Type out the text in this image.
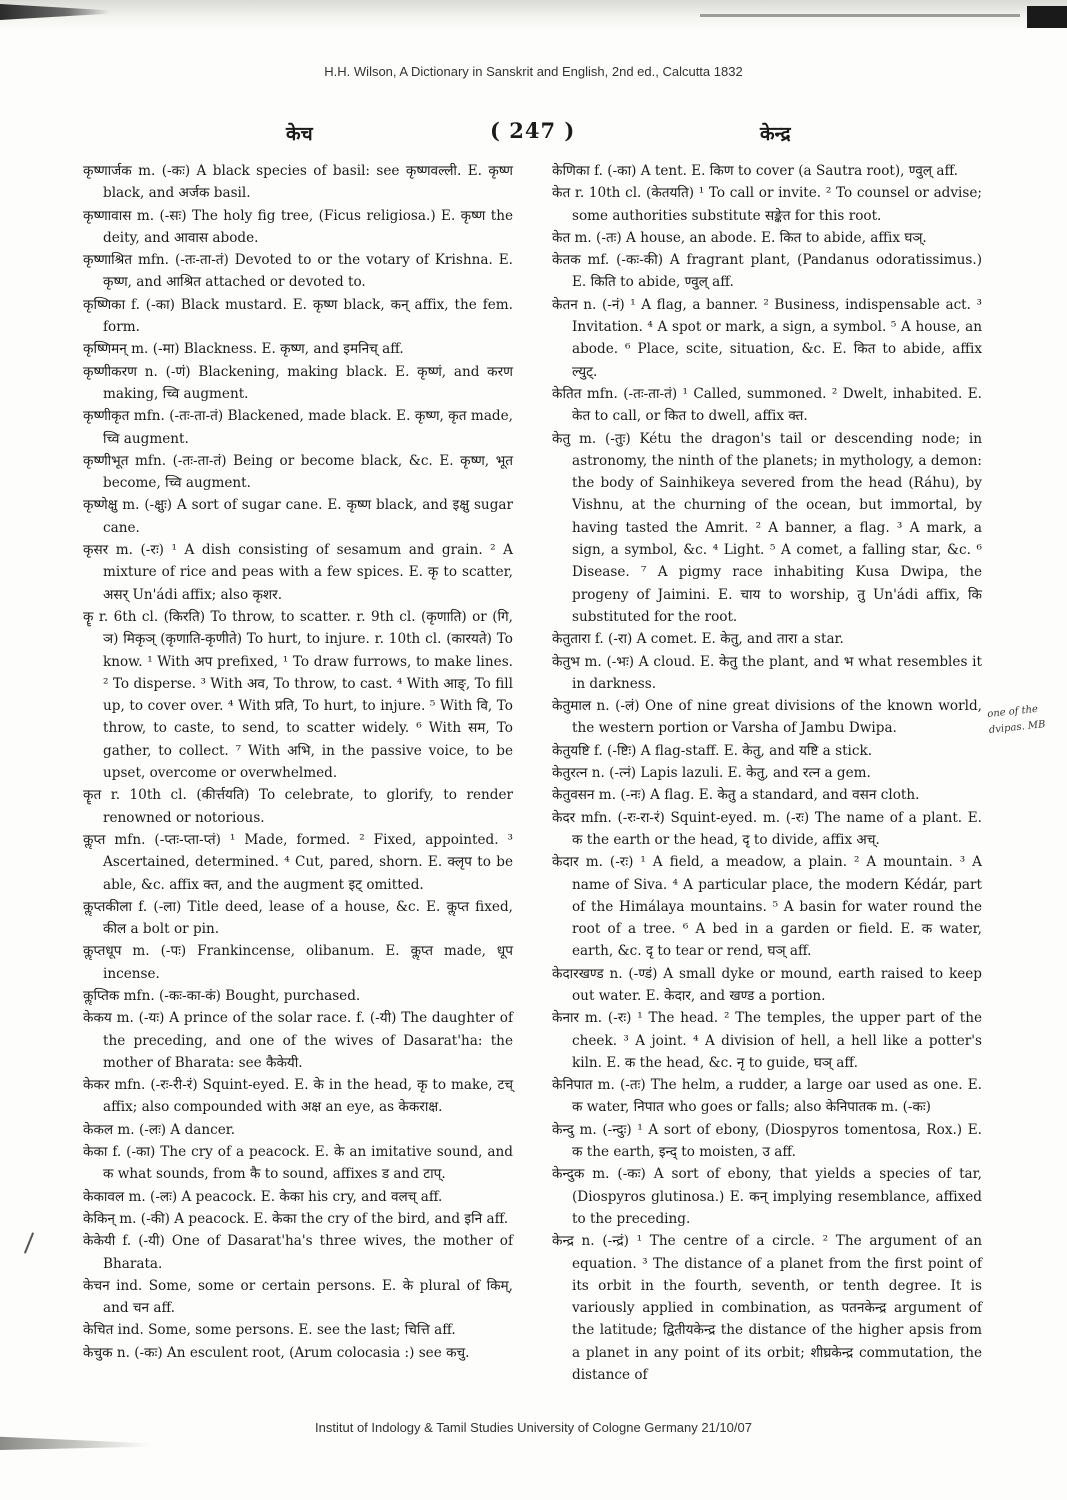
H.H. Wilson, A Dictionary in Sanskrit and English, 2nd ed., Calcutta 1832
केच	( 247 )	केन्द्र

कृष्णार्जक m. (-कः) A black species of basil: see कृष्णवल्ली. E. कृष्ण black, and अर्जक basil.

कृष्णावास m. (-सः) The holy fig tree, (Ficus religiosa.) E. कृष्ण the deity, and आवास abode.

कृष्णाश्रित mfn. (-तः-ता-तं) Devoted to or the votary of Krishna. E. कृष्ण, and आश्रित attached or devoted to.

कृष्णिका f. (-का) Black mustard. E. कृष्ण black, कन् affix, the fem. form.

कृष्णिमन् m. (-मा) Blackness. E. कृष्ण, and इमनिच् aff.

कृष्णीकरण n. (-णं) Blackening, making black. E. कृष्णं, and करण making, च्वि augment.

कृष्णीकृत mfn. (-तः-ता-तं) Blackened, made black. E. कृष्ण, कृत made, च्वि augment.

कृष्णीभूत mfn. (-तः-ता-तं) Being or become black, &c. E. कृष्ण, भूत become, च्वि augment.

कृष्णेक्षु m. (-क्षुः) A sort of sugar cane. E. कृष्ण black, and इक्षु sugar cane.

कृसर m. (-रः) ¹ A dish consisting of sesamum and grain. ² A mixture of rice and peas with a few spices. E. कृ to scatter, असर् Un'ádi affix; also कृशर.

कॄ r. 6th cl. (किरति) To throw, to scatter. r. 9th cl. (कृणाति) or (गि, ञ) मिकृञ् (कृणाति-कृणीते) To hurt, to injure. r. 10th cl. (कारयते) To know. ¹ With अप prefixed, ¹ To draw furrows, to make lines. ² To disperse. ³ With अव, To throw, to cast. ⁴ With आङ्, To fill up, to cover over. ⁴ With प्रति, To hurt, to injure. ⁵ With वि, To throw, to caste, to send, to scatter widely. ⁶ With सम, To gather, to collect. ⁷ With अभि, in the passive voice, to be upset, overcome or overwhelmed.

कॄत r. 10th cl. (कीर्त्तयति) To celebrate, to glorify, to render renowned or notorious.

कॢप्त mfn. (-प्तः-प्ता-प्तं) ¹ Made, formed. ² Fixed, appointed. ³ Ascertained, determined. ⁴ Cut, pared, shorn. E. क्लृप to be able, &c. affix क्त, and the augment इट् omitted.

कॢप्तकीला f. (-ला) Title deed, lease of a house, &c. E. कॢप्त fixed, कील a bolt or pin.

कॢप्तधूप m. (-पः) Frankincense, olibanum. E. कॢप्त made, धूप incense.

कॢप्तिक mfn. (-कः-का-कं) Bought, purchased.

केकय m. (-यः) A prince of the solar race. f. (-यी) The daughter of the preceding, and one of the wives of Dasarat'ha: the mother of Bharata: see कैकेयी.

केकर mfn. (-रः-री-रं) Squint-eyed. E. के in the head, कृ to make, टच् affix; also compounded with अक्ष an eye, as केकराक्ष.

केकल m. (-लः) A dancer.

केका f. (-का) The cry of a peacock. E. के an imitative sound, and क what sounds, from कै to sound, affixes ड and टाप्.

केकावल m. (-लः) A peacock. E. केका his cry, and वलच् aff.

केकिन् m. (-की) A peacock. E. केका the cry of the bird, and इनि aff.

केकेयी f. (-यी) One of Dasarat'ha's three wives, the mother of Bharata.

केचन ind. Some, some or certain persons. E. के plural of किम्, and चन aff.

केचित ind. Some, some persons. E. see the last; चित्ति aff.

केचुक n. (-कः) An esculent root, (Arum colocasia :) see कचु.

केणिका f. (-का) A tent. E. किण to cover (a Sautra root), ण्वुल् aff.

केत r. 10th cl. (केतयति) ¹ To call or invite. ² To counsel or advise; some authorities substitute सङ्केत for this root.

केत m. (-तः) A house, an abode. E. कित to abide, affix घञ्.

केतक mf. (-कः-की) A fragrant plant, (Pandanus odoratissimus.) E. किति to abide, ण्वुल् aff.

केतन n. (-नं) ¹ A flag, a banner. ² Business, indispensable act. ³ Invitation. ⁴ A spot or mark, a sign, a symbol. ⁵ A house, an abode. ⁶ Place, scite, situation, &c. E. कित to abide, affix ल्युट्.

केतित mfn. (-तः-ता-तं) ¹ Called, summoned. ² Dwelt, inhabited. E. केत to call, or कित to dwell, affix क्त.

केतु m. (-तुः) Kétu the dragon's tail or descending node; in astronomy, the ninth of the planets; in mythology, a demon: the body of Sainhikeya severed from the head (Ráhu), by Vishnu, at the churning of the ocean, but immortal, by having tasted the Amrit. ² A banner, a flag. ³ A mark, a sign, a symbol, &c. ⁴ Light. ⁵ A comet, a falling star, &c. ⁶ Disease. ⁷ A pigmy race inhabiting Kusa Dwipa, the progeny of Jaimini. E. चाय to worship, तु Un'ádi affix, कि substituted for the root.

केतुतारा f. (-रा) A comet. E. केतु, and तारा a star.

केतुभ m. (-भः) A cloud. E. केतु the plant, and भ what resembles it in darkness.

केतुमाल n. (-लं) One of nine great divisions of the known world, the western portion or Varsha of Jambu Dwipa.

केतुयष्टि f. (-ष्टिः) A flag-staff. E. केतु, and यष्टि a stick.

केतुरत्न n. (-त्नं) Lapis lazuli. E. केतु, and रत्न a gem.

केतुवसन m. (-नः) A flag. E. केतु a standard, and वसन cloth.

केदर mfn. (-रः-रा-रं) Squint-eyed. m. (-रः) The name of a plant. E. क the earth or the head, दृ to divide, affix अच्.

केदार m. (-रः) ¹ A field, a meadow, a plain. ² A mountain. ³ A name of Siva. ⁴ A particular place, the modern Kédár, part of the Himálaya mountains. ⁵ A basin for water round the root of a tree. ⁶ A bed in a garden or field. E. क water, earth, &c. दृ to tear or rend, घञ् aff.

केदारखण्ड n. (-ण्डं) A small dyke or mound, earth raised to keep out water. E. केदार, and खण्ड a portion.

केनार m. (-रः) ¹ The head. ² The temples, the upper part of the cheek. ³ A joint. ⁴ A division of hell, a hell like a potter's kiln. E. क the head, &c. नृ to guide, घञ् aff.

केनिपात m. (-तः) The helm, a rudder, a large oar used as one. E. क water, निपात who goes or falls; also केनिपातक m. (-कः)

केन्दु m. (-न्दुः) ¹ A sort of ebony, (Diospyros tomentosa, Rox.) E. क the earth, इन्द् to moisten, उ aff.

केन्दुक m. (-कः) A sort of ebony, that yields a species of tar, (Diospyros glutinosa.) E. कन् implying resemblance, affixed to the preceding.

केन्द्र n. (-न्द्रं) ¹ The centre of a circle. ² The argument of an equation. ³ The distance of a planet from the first point of its orbit in the fourth, seventh, or tenth degree. It is variously applied in combination, as पतनकेन्द्र argument of the latitude; द्वितीयकेन्द्र the distance of the higher apsis from a planet in any point of its orbit; शीघ्रकेन्द्र commutation, the distance of

one of the dvipas. MB
Institut of Indology & Tamil Studies University of Cologne Germany 21/10/07
